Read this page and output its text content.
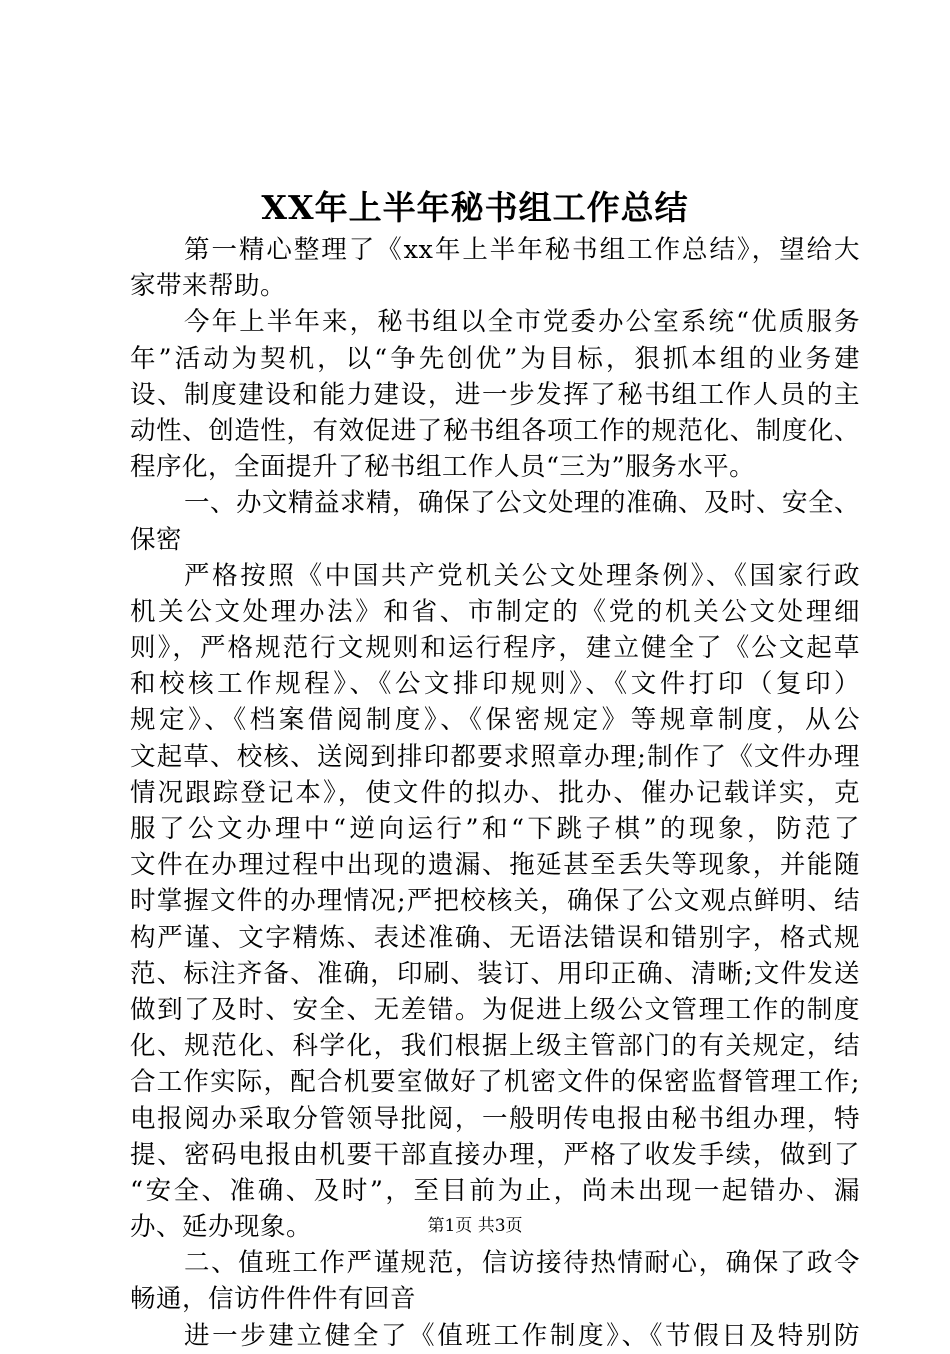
XX年上半年秘书组工作总结
第一精心整理了《xx年上半年秘书组工作总结》，望给大
家带来帮助。
今年上半年来，秘书组以全市党委办公室系统“优质服务
年”活动为契机，以“争先创优”为目标，狠抓本组的业务建
设、制度建设和能力建设，进一步发挥了秘书组工作人员的主
动性、创造性，有效促进了秘书组各项工作的规范化、制度化、
程序化，全面提升了秘书组工作人员“三为”服务水平。
一、办文精益求精，确保了公文处理的准确、及时、安全、
保密
严格按照《中国共产党机关公文处理条例》、《国家行政
机关公文处理办法》和省、市制定的《党的机关公文处理细
则》，严格规范行文规则和运行程序，建立健全了《公文起草
和校核工作规程》、《公文排印规则》、《文件打印（复印）
规定》、《档案借阅制度》、《保密规定》等规章制度，从公
文起草、校核、送阅到排印都要求照章办理;制作了《文件办理
情况跟踪登记本》，使文件的拟办、批办、催办记载详实，克
服了公文办理中“逆向运行”和“下跳子棋”的现象，防范了
文件在办理过程中出现的遗漏、拖延甚至丢失等现象，并能随
时掌握文件的办理情况;严把校核关，确保了公文观点鲜明、结
构严谨、文字精炼、表述准确、无语法错误和错别字，格式规
范、标注齐备、准确，印刷、装订、用印正确、清晰;文件发送
做到了及时、安全、无差错。为促进上级公文管理工作的制度
化、规范化、科学化，我们根据上级主管部门的有关规定，结
合工作实际，配合机要室做好了机密文件的保密监督管理工作;
电报阅办采取分管领导批阅，一般明传电报由秘书组办理，特
提、密码电报由机要干部直接办理，严格了收发手续，做到了
“安全、准确、及时”，至目前为止，尚未出现一起错办、漏
办、延办现象。
二、值班工作严谨规范，信访接待热情耐心，确保了政令
畅通，信访件件件有回音
进一步建立健全了《值班工作制度》、《节假日及特别防
第1页 共3页
